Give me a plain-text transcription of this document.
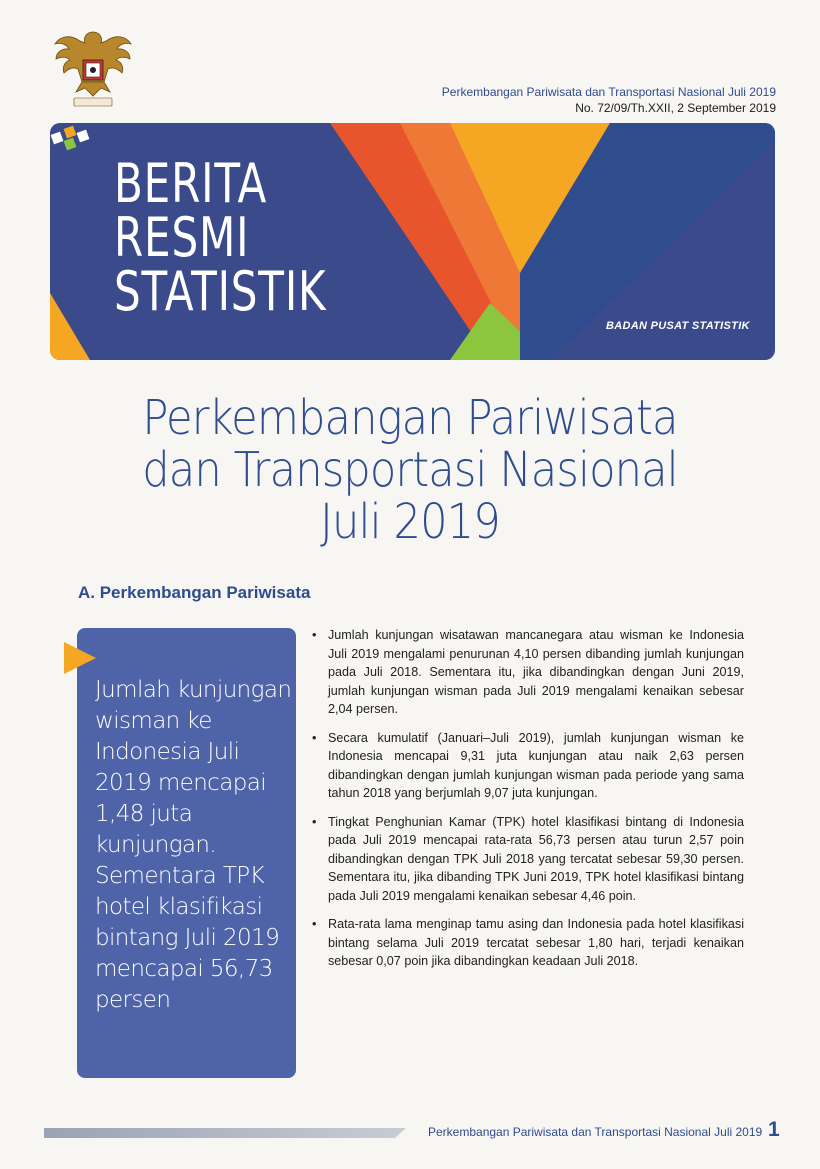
Perkembangan Pariwisata dan Transportasi Nasional Juli 2019
No. 72/09/Th.XXII, 2 September 2019
BERITA
RESMI
STATISTIK
BADAN PUSAT STATISTIK
Perkembangan Pariwisata
dan Transportasi Nasional
Juli 2019
A. Perkembangan Pariwisata
Jumlah kunjungan wisman ke Indonesia Juli 2019 mencapai 1,48 juta kunjungan. Sementara TPK hotel klasifikasi bintang Juli 2019 mencapai 56,73 persen
• Jumlah kunjungan wisatawan mancanegara atau wisman ke Indonesia Juli 2019 mengalami penurunan 4,10 persen dibanding jumlah kunjungan pada Juli 2018. Sementara itu, jika dibandingkan dengan Juni 2019, jumlah kunjungan wisman pada Juli 2019 mengalami kenaikan sebesar 2,04 persen.
• Secara kumulatif (Januari–Juli 2019), jumlah kunjungan wisman ke Indonesia mencapai 9,31 juta kunjungan atau naik 2,63 persen dibandingkan dengan jumlah kunjungan wisman pada periode yang sama tahun 2018 yang berjumlah 9,07 juta kunjungan.
• Tingkat Penghunian Kamar (TPK) hotel klasifikasi bintang di Indonesia pada Juli 2019 mencapai rata-rata 56,73 persen atau turun 2,57 poin dibandingkan dengan TPK Juli 2018 yang tercatat sebesar 59,30 persen. Sementara itu, jika dibanding TPK Juni 2019, TPK hotel klasifikasi bintang pada Juli 2019 mengalami kenaikan sebesar 4,46 poin.
• Rata-rata lama menginap tamu asing dan Indonesia pada hotel klasifikasi bintang selama Juli 2019 tercatat sebesar 1,80 hari, terjadi kenaikan sebesar 0,07 poin jika dibandingkan keadaan Juli 2018.
Perkembangan Pariwisata dan Transportasi Nasional Juli 2019 1
